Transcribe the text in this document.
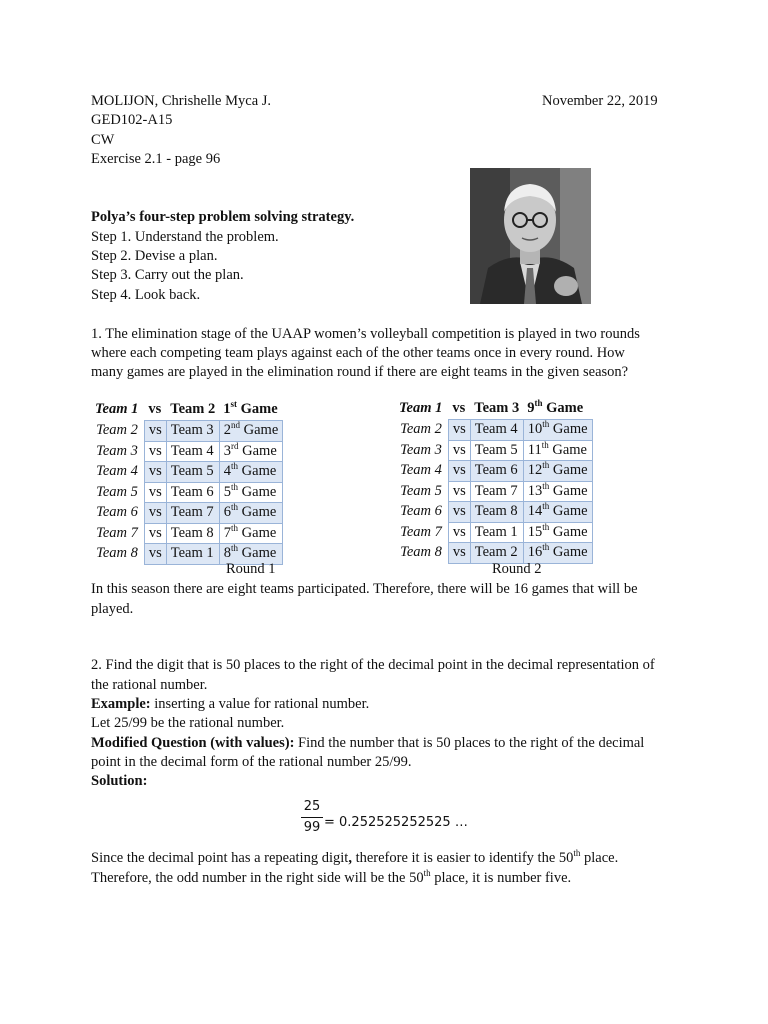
MOLIJON, Chrishelle Myca J.	November 22, 2019
GED102-A15
CW
Exercise 2.1 - page 96
Polya’s four-step problem solving strategy.
Step 1. Understand the problem.
Step 2. Devise a plan.
Step 3. Carry out the plan.
Step 4. Look back.
1. The elimination stage of the UAAP women’s volleyball competition is played in two rounds
where each competing team plays against each of the other teams once in every round. How
many games are played in the elimination round if there are eight teams in the given season?
Team 1	vs	Team 2	1st Game
Team 2	vs	Team 3	2nd Game
Team 3	vs	Team 4	3rd Game
Team 4	vs	Team 5	4th Game
Team 5	vs	Team 6	5th Game
Team 6	vs	Team 7	6th Game
Team 7	vs	Team 8	7th Game
Team 8	vs	Team 1	8th Game
Round 1
Team 1	vs	Team 3	9th Game
Team 2	vs	Team 4	10th Game
Team 3	vs	Team 5	11th Game
Team 4	vs	Team 6	12th Game
Team 5	vs	Team 7	13th Game
Team 6	vs	Team 8	14th Game
Team 7	vs	Team 1	15th Game
Team 8	vs	Team 2	16th Game
Round 2
In this season there are eight teams participated. Therefore, there will be 16 games that will be
played.
2. Find the digit that is 50 places to the right of the decimal point in the decimal representation of
the rational number.
Example: inserting a value for rational number.
Let 25/99 be the rational number.
Modified Question (with values): Find the number that is 50 places to the right of the decimal
point in the decimal form of the rational number 25/99.
Solution:
25
99 = 0.252525252525 …
Since the decimal point has a repeating digit, therefore it is easier to identify the 50th place.
Therefore, the odd number in the right side will be the 50th place, it is number five.
